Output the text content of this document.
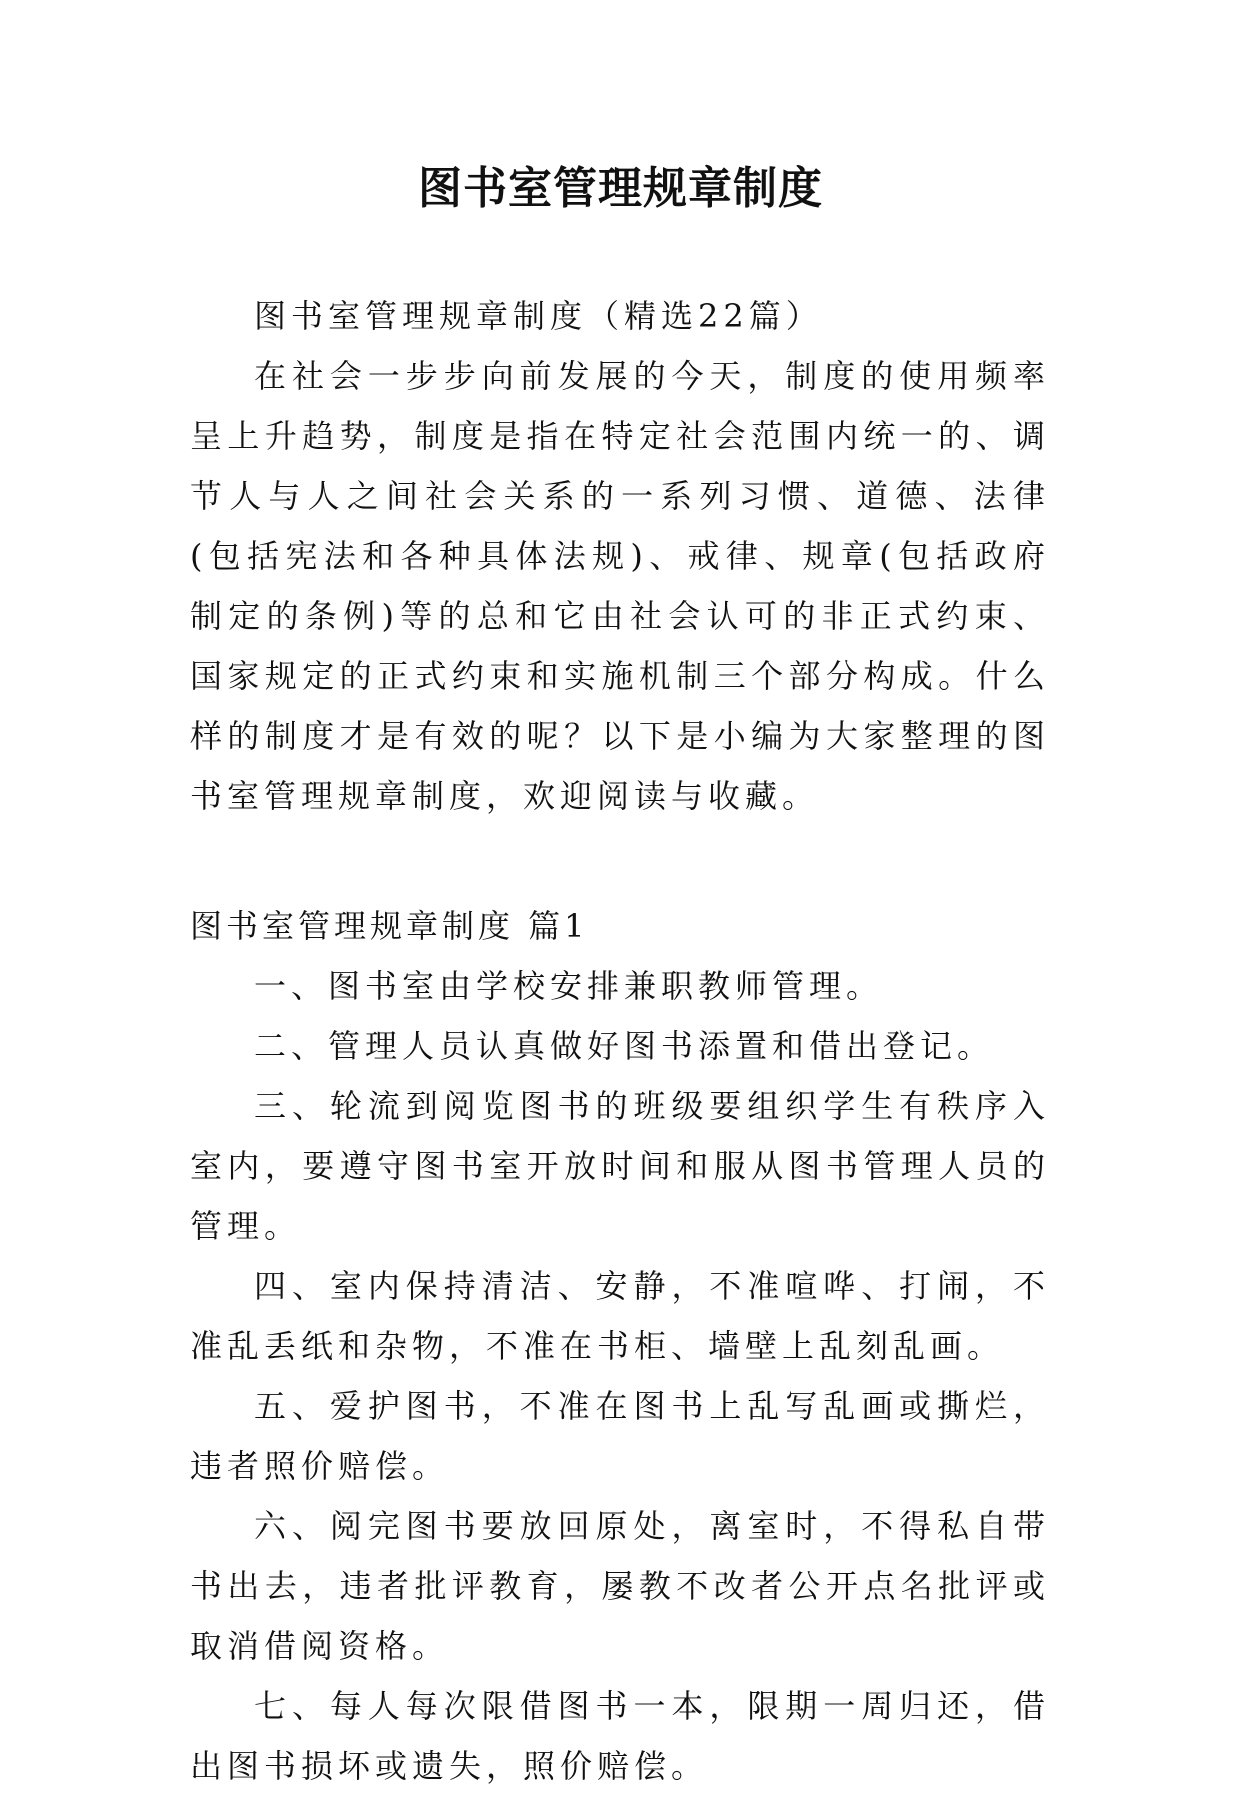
图书室管理规章制度

图书室管理规章制度（精选22篇）

在社会一步步向前发展的今天，制度的使用频率呈上升趋势，制度是指在特定社会范围内统一的、调节人与人之间社会关系的一系列习惯、道德、法律(包括宪法和各种具体法规)、戒律、规章(包括政府制定的条例)等的总和它由社会认可的非正式约束、国家规定的正式约束和实施机制三个部分构成。什么样的制度才是有效的呢？以下是小编为大家整理的图书室管理规章制度，欢迎阅读与收藏。

图书室管理规章制度 篇1

一、图书室由学校安排兼职教师管理。

二、管理人员认真做好图书添置和借出登记。

三、轮流到阅览图书的班级要组织学生有秩序入室内，要遵守图书室开放时间和服从图书管理人员的管理。

四、室内保持清洁、安静，不准喧哗、打闹，不准乱丢纸和杂物，不准在书柜、墙壁上乱刻乱画。

五、爱护图书，不准在图书上乱写乱画或撕烂，违者照价赔偿。

六、阅完图书要放回原处，离室时，不得私自带书出去，违者批评教育，屡教不改者公开点名批评或取消借阅资格。

七、每人每次限借图书一本，限期一周归还，借出图书损坏或遗失，照价赔偿。
